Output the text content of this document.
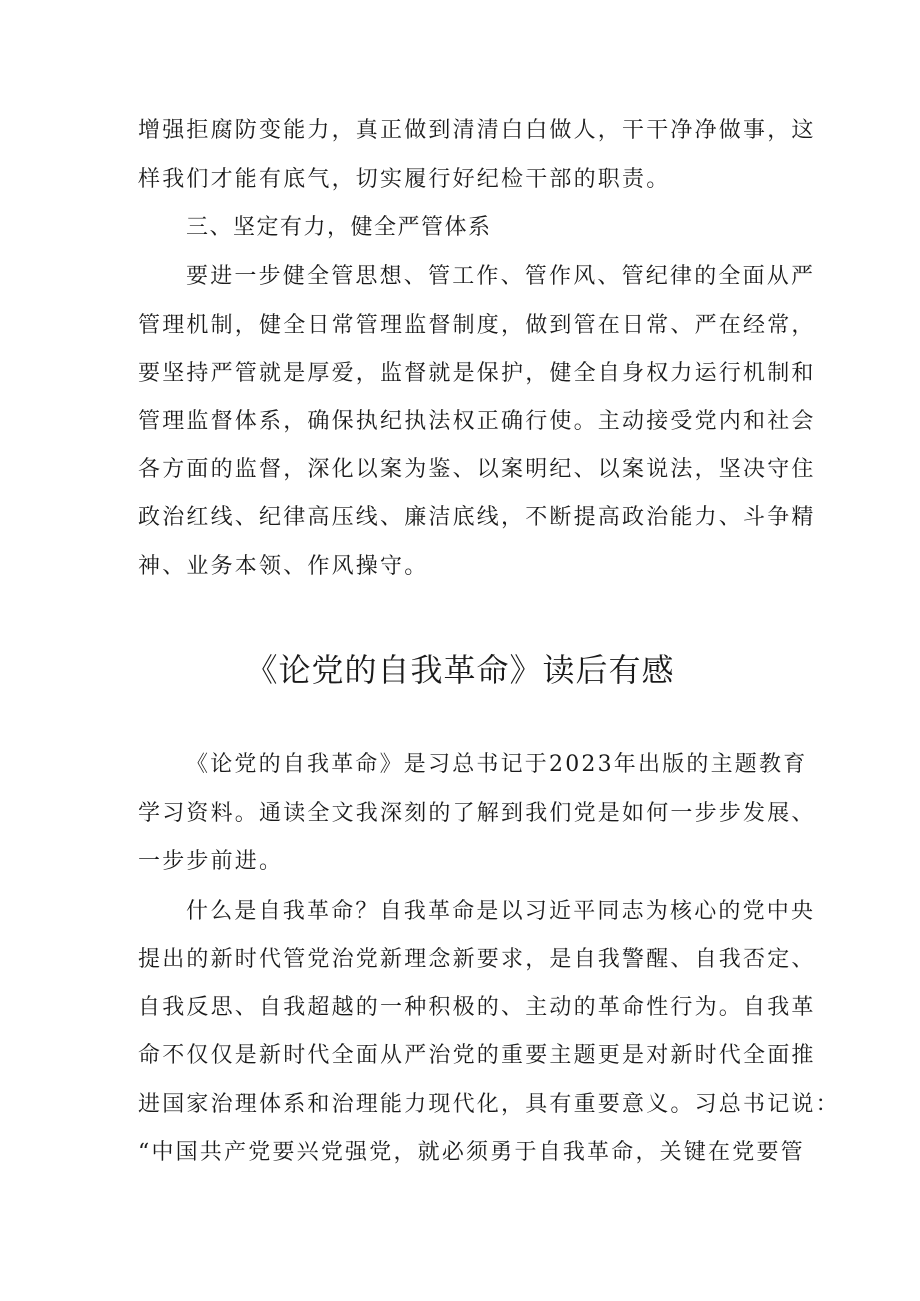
增强拒腐防变能力，真正做到清清白白做人，干干净净做事，这
样我们才能有底气，切实履行好纪检干部的职责。
三、坚定有力，健全严管体系
要进一步健全管思想、管工作、管作风、管纪律的全面从严
管理机制，健全日常管理监督制度，做到管在日常、严在经常，
要坚持严管就是厚爱，监督就是保护，健全自身权力运行机制和
管理监督体系，确保执纪执法权正确行使。主动接受党内和社会
各方面的监督，深化以案为鉴、以案明纪、以案说法，坚决守住
政治红线、纪律高压线、廉洁底线，不断提高政治能力、斗争精
神、业务本领、作风操守。
《论党的自我革命》读后有感
《论党的自我革命》是习总书记于2023年出版的主题教育
学习资料。通读全文我深刻的了解到我们党是如何一步步发展、
一步步前进。
什么是自我革命？自我革命是以习近平同志为核心的党中央
提出的新时代管党治党新理念新要求，是自我警醒、自我否定、
自我反思、自我超越的一种积极的、主动的革命性行为。自我革
命不仅仅是新时代全面从严治党的重要主题更是对新时代全面推
进国家治理体系和治理能力现代化，具有重要意义。习总书记说：
“中国共产党要兴党强党，就必须勇于自我革命，关键在党要管
